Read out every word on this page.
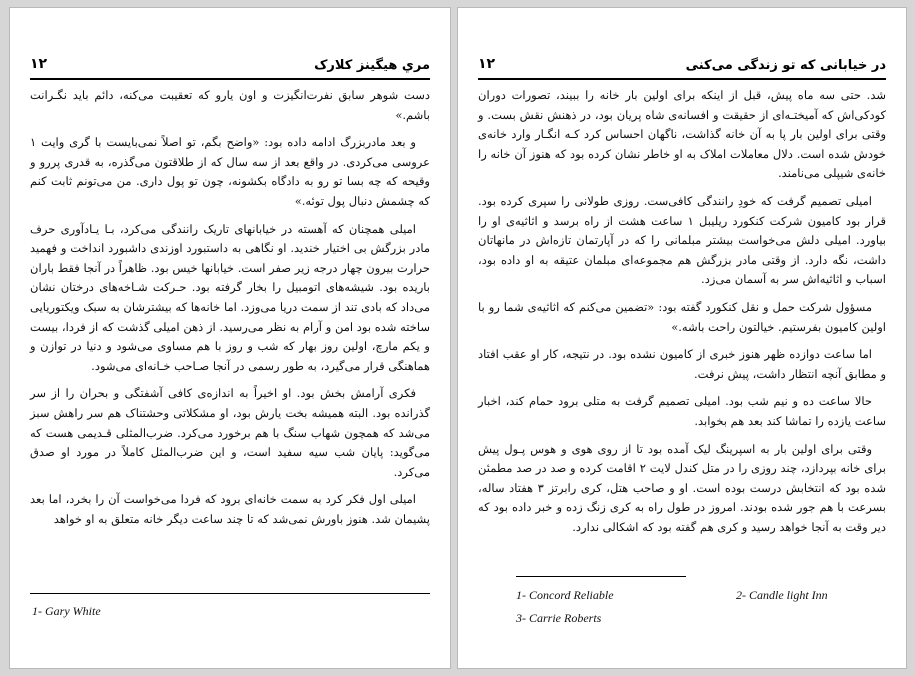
مري هيگينز كلارک
۱۲

دست شوهر سابق نفرت‌انگیزت و اون یارو که تعقیبت می‌کنه، دائم باید نگـرانت باشم.»

و بعد مادربزرگ ادامه داده بود: «واضح بگم، تو اصلاً نمی‌بایست با گری وایت ۱ عروسی می‌کردی. در واقع بعد از سه سال که از طلاقتون می‌گذره، به قدری پررو و وقیحه که چه بسا تو رو به دادگاه بکشونه، چون تو پول داری. من می‌تونم ثابت کنم که چشمش دنبال پول توئه.»

امیلی همچنان که آهسته در خیابانهای تاریک رانندگی می‌کرد، بـا یـادآوری حرف مادر بزرگش بی اختیار خندید. او نگاهی به داستبورد اوزندی داشبورد انداخت و فهمید حرارت بیرون چهار درجه زیر صفر است. خیابانها خیس بود. ظاهراً در آنجا فقط باران باریده بود. شیشه‌های اتومبیل را بخار گرفته بود. حـرکت شـاخه‌های درختان نشان می‌داد که بادی تند از سمت دریا می‌وزد. اما خانه‌ها که بیشترشان به سبک ویکتوریایی ساخته شده بود امن و آرام به نظر می‌رسید. از ذهن امیلی گذشت که از فردا، بیست و یکم مارچ، اولین روز بهار که شب و روز با هم مساوی می‌شود و دنیا در توازن و هماهنگی قرار می‌گیرد، به طور رسمی در آنجا صـاحب خـانه‌ای می‌شود.

فکری آرامش بخش بود. او اخیراً به اندازه‌ی کافی آشفتگی و بحران را از سر گذرانده بود. البته همیشه بخت یارش بود، او مشکلاتی وحشتناک هم سر راهش سبز می‌شد که همچون شهاب سنگ با هم برخورد می‌کرد. ضرب‌المثلی قـدیمی هست که می‌گوید: پایان شب سیه سفید است، و این ضرب‌المثل کاملاً در مورد او صدق می‌کرد.

امیلی اول فکر کرد به سمت خانه‌ای برود که فردا می‌خواست آن را بخرد، اما بعد پشیمان شد. هنوز باورش نمی‌شد که تا چند ساعت دیگر خانه متعلق به او خواهد

1- Gary White
در خیابانی که تو زندگی می‌کنی
۱۲

شد. حتی سه ماه پیش، قبل از اینکه برای اولین بار خانه را ببیند، تصورات دوران کودکی‌اش که آمیختـه‌ای از حقیقت و افسانه‌ی شاه پریان بود، در ذهنش نقش بست. و وقتی برای اولین بار پا به آن خانه گذاشت، ناگهان احساس کرد کـه انگـار وارد خانه‌ی خودش شده است. دلال معاملات املاک به او خاطر نشان کرده بود که هنوز آن خانه را خانه‌ی شیپلی می‌نامند.

امیلی تصمیم گرفت که خودِ رانندگی کافی‌ست. روزی طولانی را سپری کرده بود. قرار بود کامیون شرکت کنکورد ریلیبل ۱ ساعت هشت از راه برسد و اثاثیه‌ی او را بیاورد. امیلی دلش می‌خواست بیشتر مبلمانی را که در آپارتمان تازه‌اش در مانهاتان داشت، نگه دارد. از وقتی مادر بزرگش هم مجموعه‌ای مبلمان عتیقه به او داده بود، اسباب و اثاثیه‌اش سر به آسمان می‌زد.

مسؤول شرکت حمل و نقل کنکورد گفته بود: «تضمین می‌کنم که اثاثیه‌ی شما رو با اولین کامیون بفرستیم. خیالتون راحت باشه.»

اما ساعت دوازده ظهر هنوز خبری از کامیون نشده بود. در نتیجه، کار او عقب افتاد و مطابق آنچه انتظار داشت، پیش نرفت.

حالا ساعت ده و نیم شب بود. امیلی تصمیم گرفت به متلی برود حمام کند، اخبار ساعت یازده را تماشا کند بعد هم بخوابد.

وقتی برای اولین بار به اسپرینگ لیک آمده بود تا از روی هوی و هوس پـول پیش برای خانه بپردازد، چند روزی را در متل کندل لایت ۲ اقامت کرده و صد در صد مطمئن شده بود که انتخابش درست بوده است. او و صاحب هتل، کری رابرتز ۳ هفتاد ساله، بسرعت با هم جور شده بودند. امروز در طول راه به کری زنگ زده و خبر داده بود که دیر وقت به آنجا خواهد رسید و کری هم گفته بود که اشکالی ندارد.

1- Concord Reliable	2- Candle light Inn
3- Carrie Roberts
